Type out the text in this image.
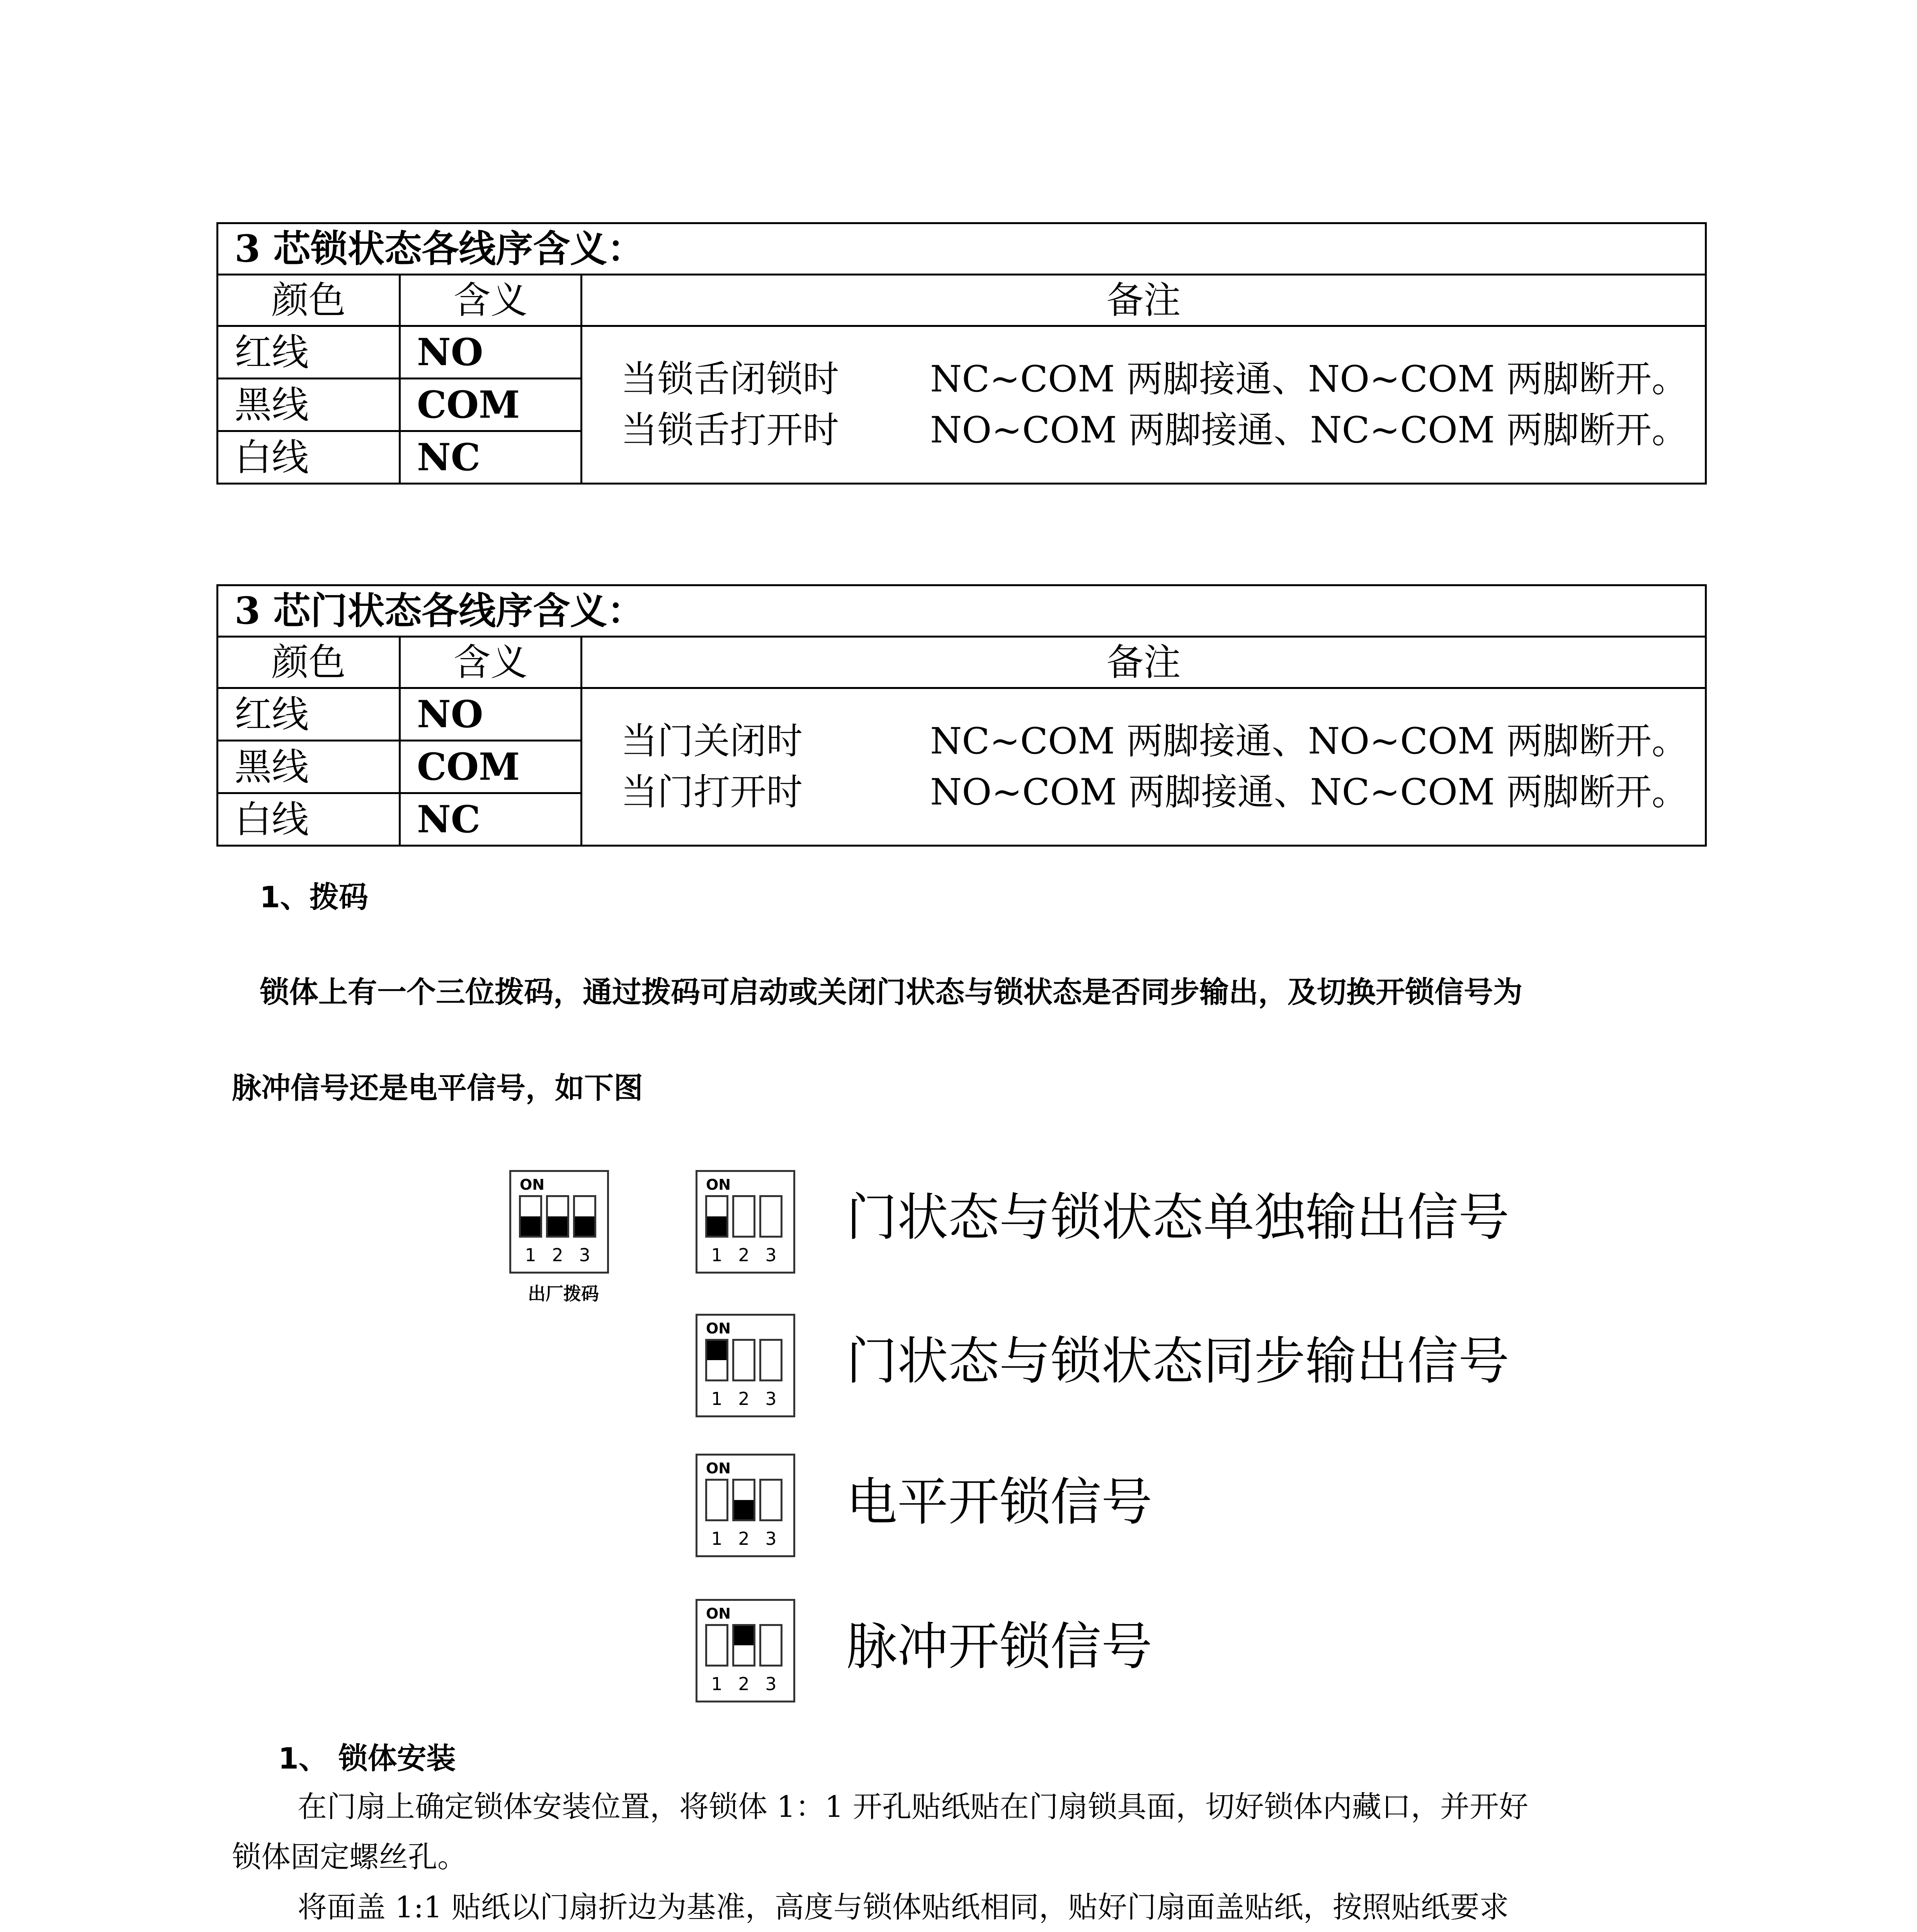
3 芯锁状态各线序含义：		
颜色	含义	备注
红线	NO	当锁舌闭锁时 NC~COM 两脚接通、NO~COM 两脚断开。
当锁舌打开时 NO~COM 两脚接通、NC~COM 两脚断开。

黑线	COM	
白线	NC	
3 芯门状态各线序含义：		
颜色	含义	备注
红线	NO	当门关闭时 NC~COM 两脚接通、NO~COM 两脚断开。
当门打开时 NO~COM 两脚接通、NC~COM 两脚断开。

黑线	COM	
白线	NC	
1、拨码
锁体上有一个三位拨码，通过拨码可启动或关闭门状态与锁状态是否同步输出，及切换开锁信号为
脉冲信号还是电平信号，如下图
ON
1 2 3
出厂拨码
ON
1 2 3
门状态与锁状态单独输出信号
ON
1 2 3
门状态与锁状态同步输出信号
ON
1 2 3
电平开锁信号
ON
1 2 3
脉冲开锁信号
1、 锁体安装
在门扇上确定锁体安装位置，将锁体 1：1 开孔贴纸贴在门扇锁具面，切好锁体内藏口，并开好
锁体固定螺丝孔。
将面盖 1:1 贴纸以门扇折边为基准，高度与锁体贴纸相同，贴好门扇面盖贴纸，按照贴纸要求
